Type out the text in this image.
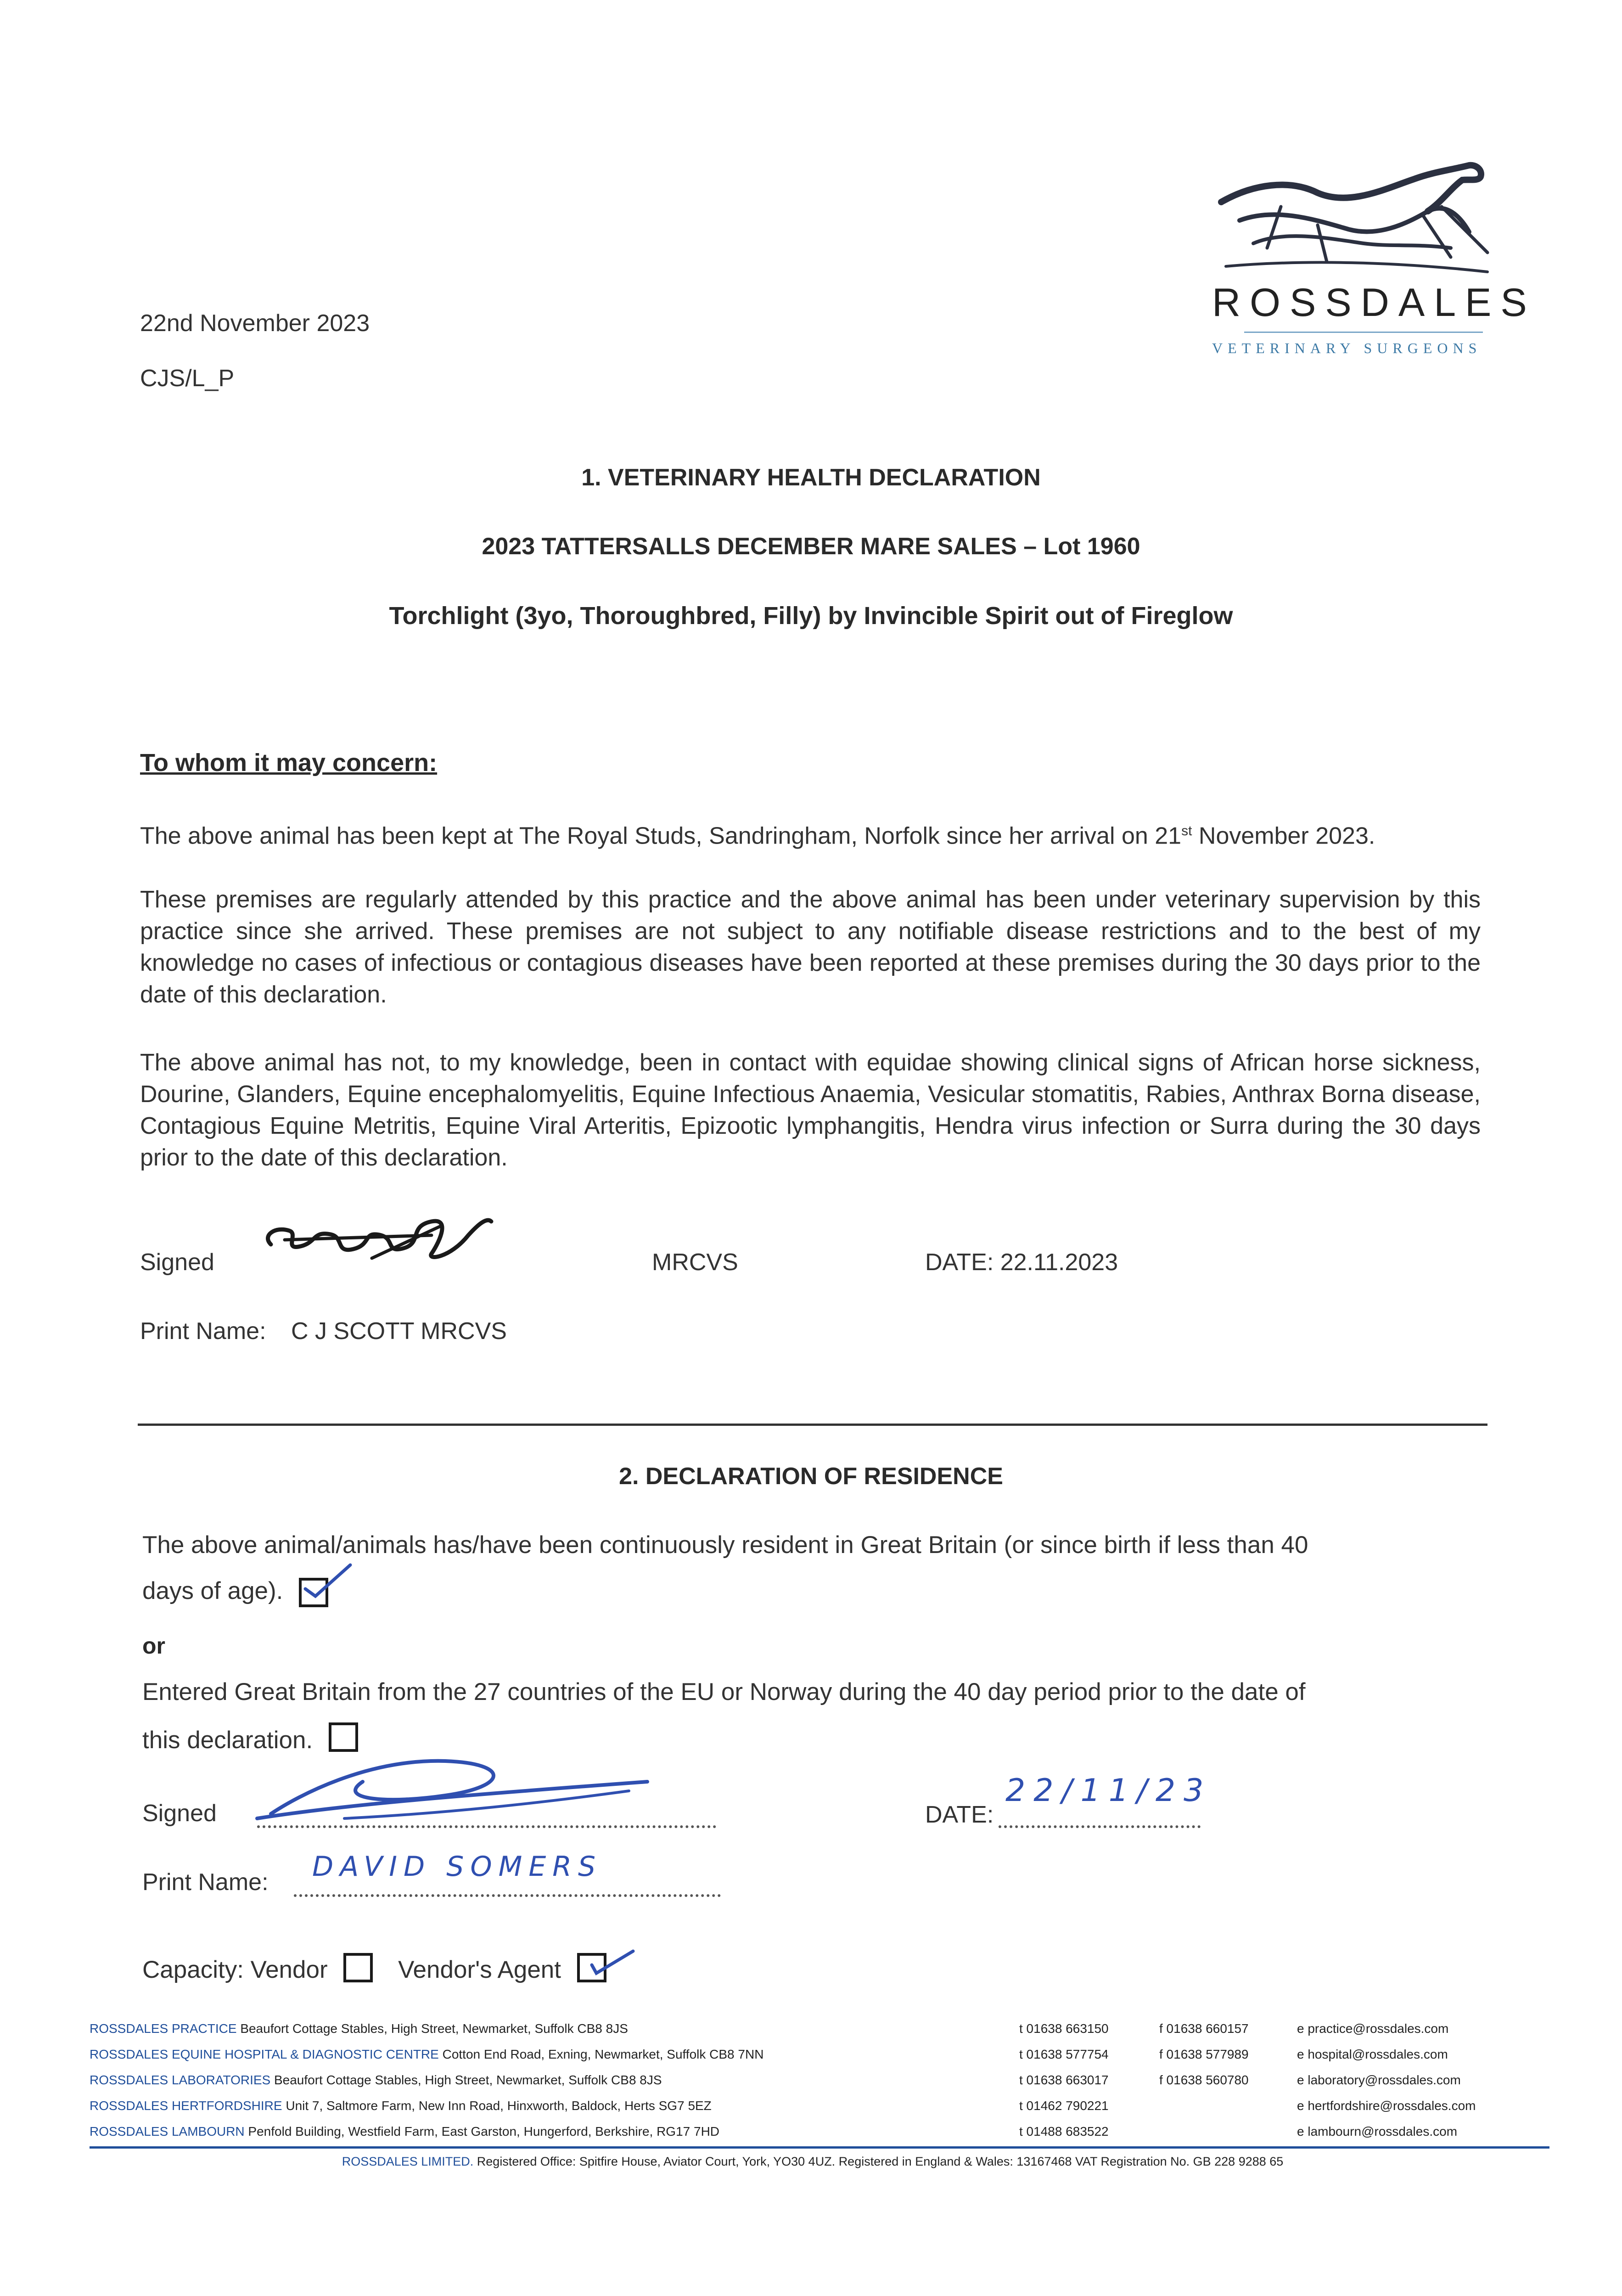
ROSSDALES
VETERINARY SURGEONS
22nd November 2023
CJS/L_P
1. VETERINARY HEALTH DECLARATION
2023 TATTERSALLS DECEMBER MARE SALES – Lot 1960
Torchlight (3yo, Thoroughbred, Filly) by Invincible Spirit out of Fireglow
To whom it may concern:
The above animal has been kept at The Royal Studs, Sandringham, Norfolk since her arrival on 21st November 2023.
These premises are regularly attended by this practice and the above animal has been under veterinary supervision by this practice since she arrived. These premises are not subject to any notifiable disease restrictions and to the best of my knowledge no cases of infectious or contagious diseases have been reported at these premises during the 30 days prior to the date of this declaration.
The above animal has not, to my knowledge, been in contact with equidae showing clinical signs of African horse sickness, Dourine, Glanders, Equine encephalomyelitis, Equine Infectious Anaemia, Vesicular stomatitis, Rabies, Anthrax Borna disease, Contagious Equine Metritis, Equine Viral Arteritis, Epizootic lymphangitis, Hendra virus infection or Surra during the 30 days prior to the date of this declaration.
Signed	MRCVS	DATE: 22.11.2023
Print Name: C J SCOTT MRCVS
2. DECLARATION OF RESIDENCE
The above animal/animals has/have been continuously resident in Great Britain (or since birth if less than 40
days of age).
or
Entered Great Britain from the 27 countries of the EU or Norway during the 40 day period prior to the date of
this declaration.
Signed	DATE:
22/11/23
Print Name: DAVID SOMERS
Capacity: Vendor	Vendor's Agent
ROSSDALES PRACTICE Beaufort Cottage Stables, High Street, Newmarket, Suffolk CB8 8JS	t 01638 663150	f 01638 660157	e practice@rossdales.com
ROSSDALES EQUINE HOSPITAL & DIAGNOSTIC CENTRE Cotton End Road, Exning, Newmarket, Suffolk CB8 7NN	t 01638 577754	f 01638 577989	e hospital@rossdales.com
ROSSDALES LABORATORIES Beaufort Cottage Stables, High Street, Newmarket, Suffolk CB8 8JS	t 01638 663017	f 01638 560780	e laboratory@rossdales.com
ROSSDALES HERTFORDSHIRE Unit 7, Saltmore Farm, New Inn Road, Hinxworth, Baldock, Herts SG7 5EZ	t 01462 790221	e hertfordshire@rossdales.com
ROSSDALES LAMBOURN Penfold Building, Westfield Farm, East Garston, Hungerford, Berkshire, RG17 7HD	t 01488 683522	e lambourn@rossdales.com
ROSSDALES LIMITED. Registered Office: Spitfire House, Aviator Court, York, YO30 4UZ. Registered in England & Wales: 13167468 VAT Registration No. GB 228 9288 65
